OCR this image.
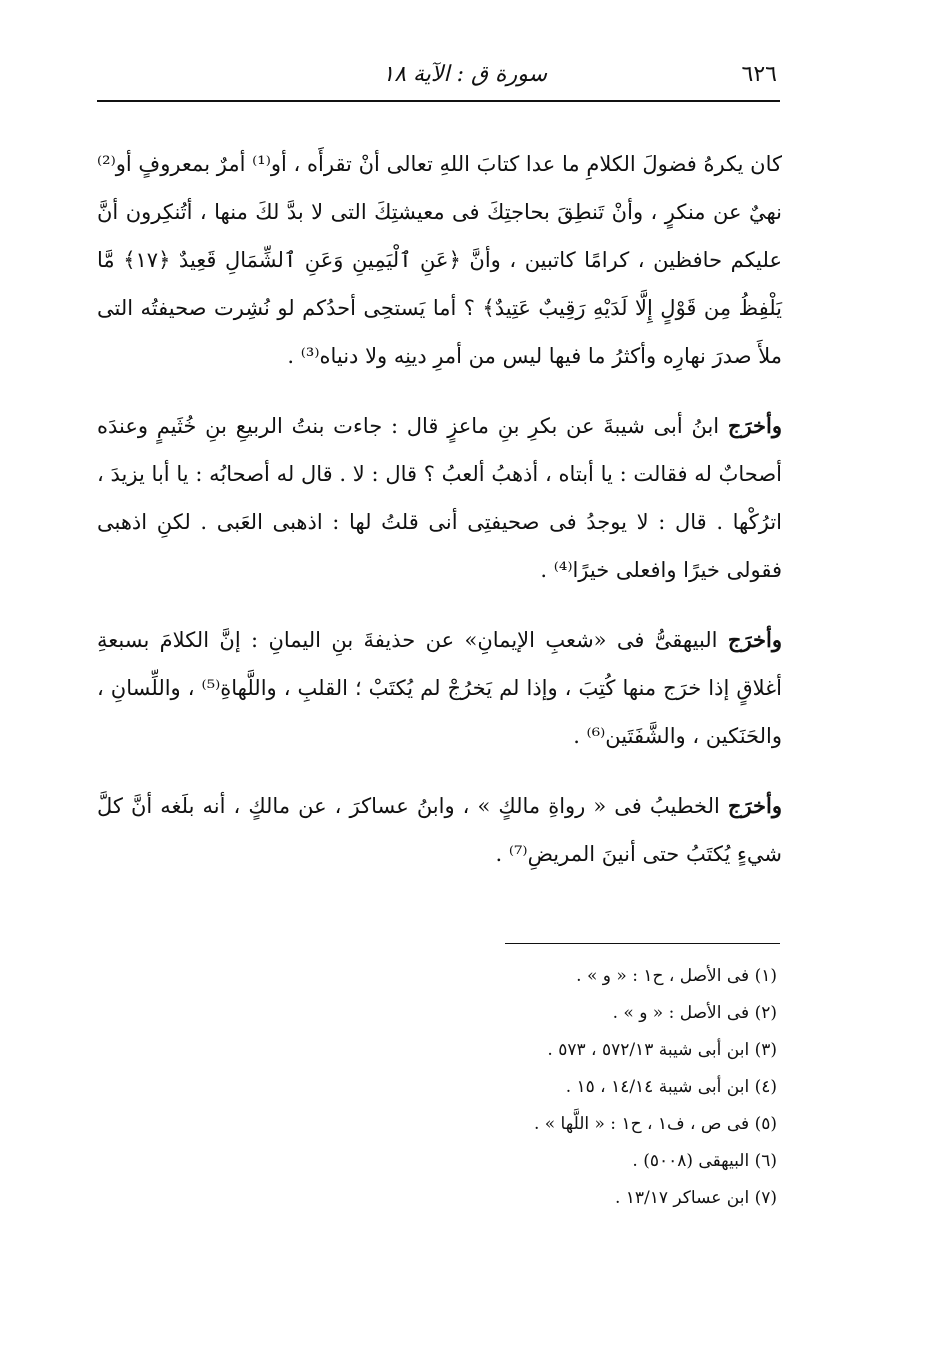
٦٢٦
سورة ق : الآية ١٨

كان يكرهُ فضولَ الكلامِ ما عدا كتابَ اللهِ تعالى أنْ تقرأَه ، أو⁽¹⁾ أمرٌ بمعروفٍ أو⁽²⁾ نهيٌ عن منكرٍ ، وأنْ تَنطِقَ بحاجتِكَ فى معيشتِكَ التى لا بدَّ لكَ منها ، أتُنكِرون أنَّ عليكم حافظين ، كرامًا كاتبين ، وأنَّ ﴿عَنِ ٱلْيَمِينِ وَعَنِ ٱلشِّمَالِ قَعِيدٌ ﴿١٧﴾ مَّا يَلْفِظُ مِن قَوْلٍ إِلَّا لَدَيْهِ رَقِيبٌ عَتِيدٌ﴾ ؟ أما يَستحِى أحدُكم لو نُشِرت صحيفتُه التى ملأَ صدرَ نهارِه وأكثرُ ما فيها ليس من أمرِ دينِه ولا دنياه⁽³⁾ .

وأخرَج ابنُ أبى شيبةَ عن بكرِ بنِ ماعزٍ قال : جاءت بنتُ الربيعِ بنِ خُثَيمٍ وعندَه أصحابٌ له فقالت : يا أبتاه ، أذهبُ ألعبُ ؟ قال : لا . قال له أصحابُه : يا أبا يزيدَ ، اترُكْها . قال : لا يوجدُ فى صحيفتِى أنى قلتُ لها : اذهبى العَبى . لكنِ اذهبى فقولى خيرًا وافعلى خيرًا⁽⁴⁾ .

وأخرَج البيهقىُّ فى «شعبِ الإيمانِ» عن حذيفةَ بنِ اليمانِ : إنَّ الكلامَ بسبعةِ أغلاقٍ إذا خرَج منها كُتِبَ ، وإذا لم يَخرُجْ لم يُكتَبْ ؛ القلبِ ، واللَّهاةِ⁽⁵⁾ ، واللِّسانِ ، والحَنَكين ، والشَّفَتَين⁽⁶⁾ .

وأخرَج الخطيبُ فى « رواةِ مالكٍ » ، وابنُ عساكرَ ، عن مالكٍ ، أنه بلَغه أنَّ كلَّ شيءٍ يُكتَبُ حتى أنينَ المريضِ⁽⁷⁾ .

(١) فى الأصل ، ح١ : « و » .
(٢) فى الأصل : « و » .
(٣) ابن أبى شيبة ٥٧٢/١٣ ، ٥٧٣ .
(٤) ابن أبى شيبة ١٤/١٤ ، ١٥ .
(٥) فى ص ، ف١ ، ح١ : « اللَّها » .
(٦) البيهقى (٥٠٠٨) .
(٧) ابن عساكر ١٣/١٧ .
